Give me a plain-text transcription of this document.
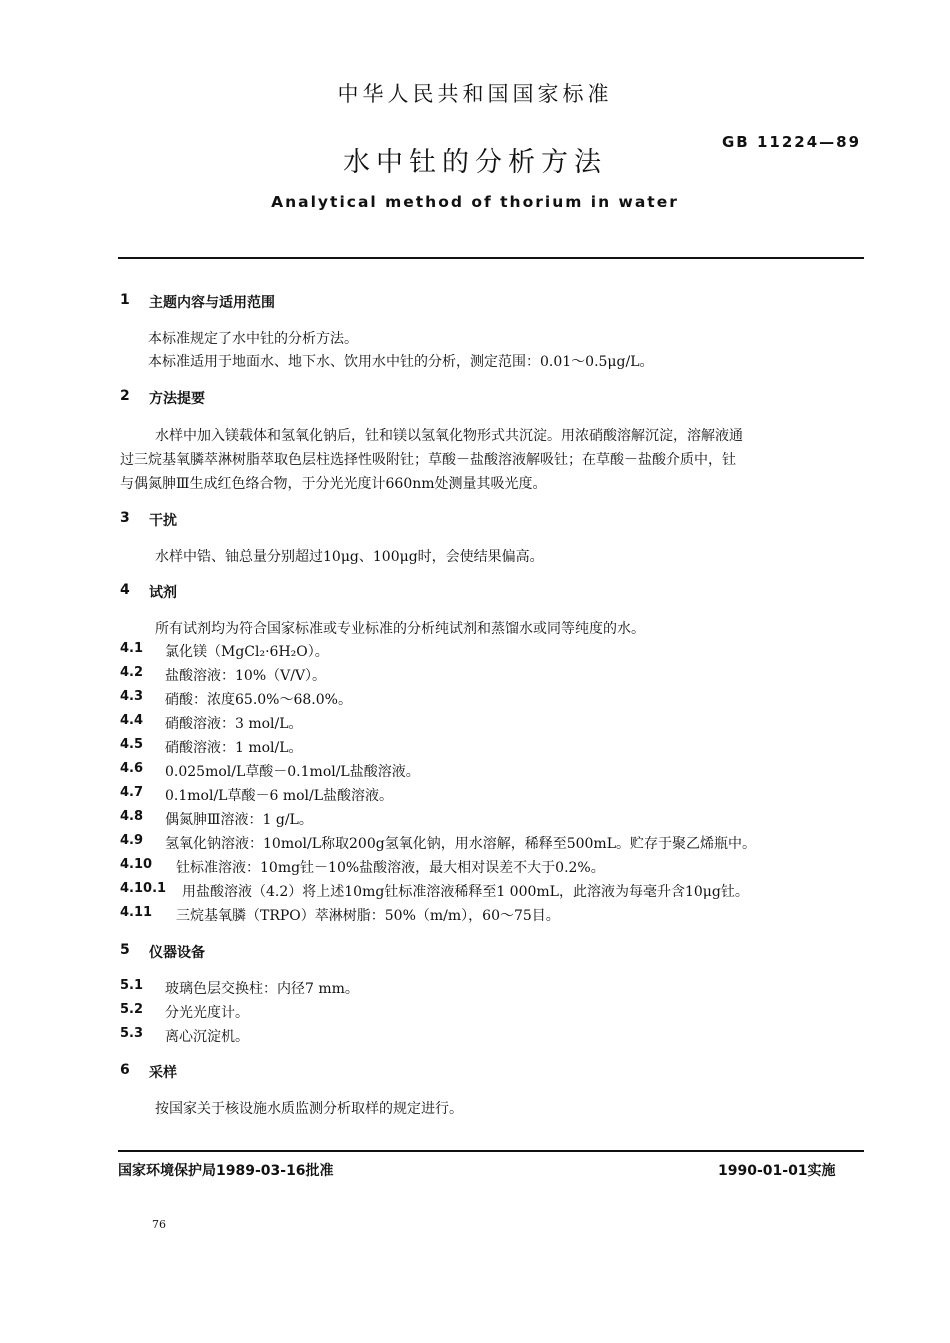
中华人民共和国国家标准
GB 11224—89
水中钍的分析方法
Analytical method of thorium in water
1 主题内容与适用范围
本标准规定了水中钍的分析方法。
本标准适用于地面水、地下水、饮用水中钍的分析，测定范围：0.01～0.5μg/L。
2 方法提要
水样中加入镁载体和氢氧化钠后，钍和镁以氢氧化物形式共沉淀。用浓硝酸溶解沉淀，溶解液通
过三烷基氧膦萃淋树脂萃取色层柱选择性吸附钍；草酸－盐酸溶液解吸钍；在草酸－盐酸介质中，钍
与偶氮胂Ⅲ生成红色络合物，于分光光度计660nm处测量其吸光度。
3 干扰
水样中锆、铀总量分别超过10μg、100μg时，会使结果偏高。
4 试剂
所有试剂均为符合国家标准或专业标准的分析纯试剂和蒸馏水或同等纯度的水。
4.1 氯化镁（MgCl₂·6H₂O）。
4.2 盐酸溶液：10%（V/V）。
4.3 硝酸：浓度65.0%～68.0%。
4.4 硝酸溶液：3 mol/L。
4.5 硝酸溶液：1 mol/L。
4.6 0.025mol/L草酸－0.1mol/L盐酸溶液。
4.7 0.1mol/L草酸－6 mol/L盐酸溶液。
4.8 偶氮胂Ⅲ溶液：1 g/L。
4.9 氢氧化钠溶液：10mol/L称取200g氢氧化钠，用水溶解，稀释至500mL。贮存于聚乙烯瓶中。
4.10 钍标准溶液：10mg钍－10%盐酸溶液，最大相对误差不大于0.2%。
4.10.1 用盐酸溶液（4.2）将上述10mg钍标准溶液稀释至1 000mL，此溶液为每毫升含10μg钍。
4.11 三烷基氧膦（TRPO）萃淋树脂：50%（m/m），60～75目。
5 仪器设备
5.1 玻璃色层交换柱：内径7 mm。
5.2 分光光度计。
5.3 离心沉淀机。
6 采样
按国家关于核设施水质监测分析取样的规定进行。
国家环境保护局1989-03-16批准	1990-01-01实施
76
